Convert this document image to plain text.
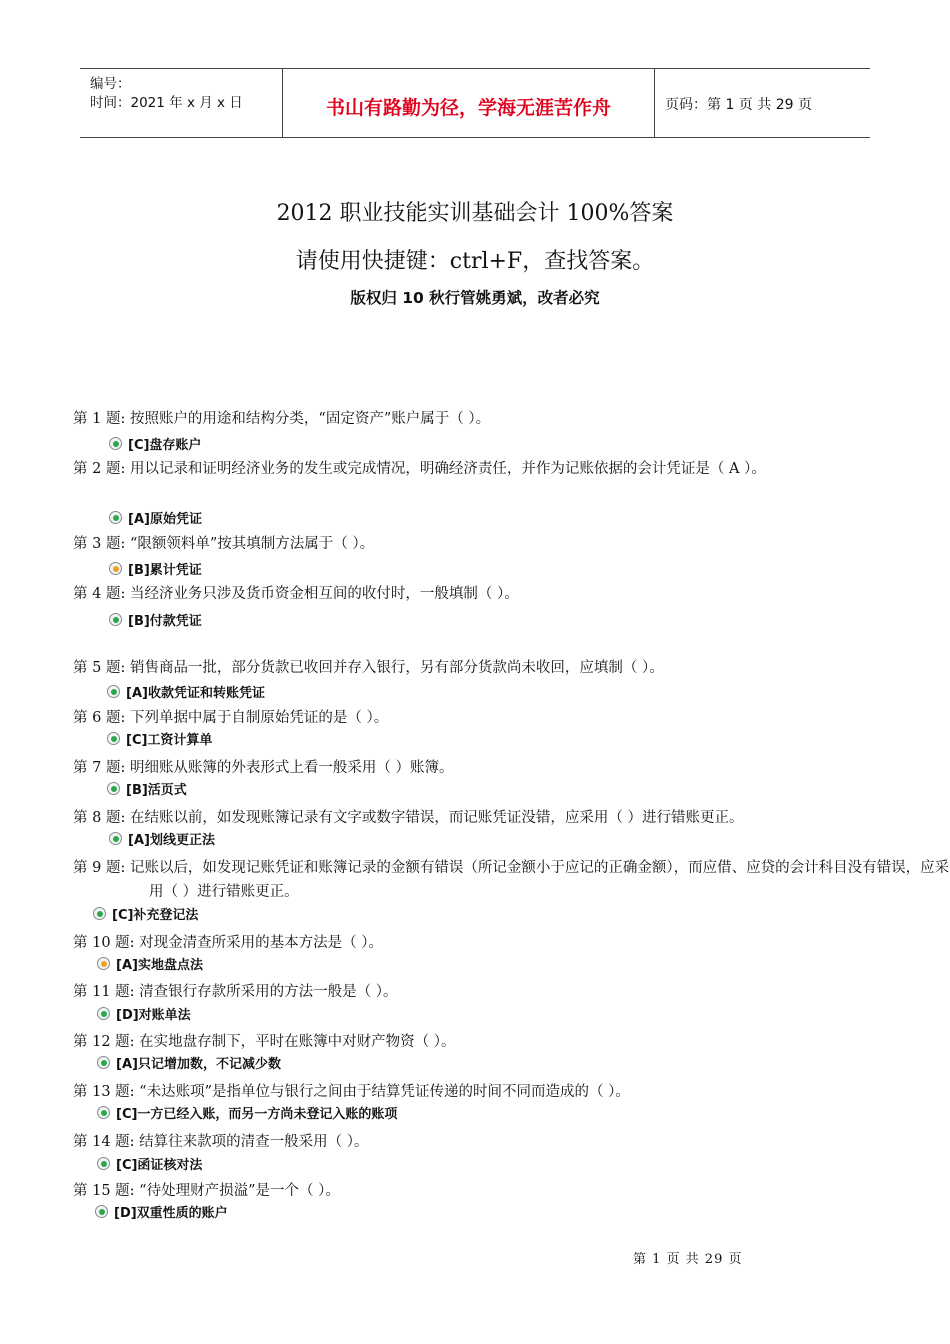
编号：
时间：2021 年 x 月 x 日	书山有路勤为径，学海无涯苦作舟	页码：第 1 页 共 29 页
2012 职业技能实训基础会计 100%答案
请使用快捷键：ctrl+F，查找答案。
版权归 10 秋行管姚勇斌，改者必究
第 1 题: 按照账户的用途和结构分类，“固定资产”账户属于（ ）。
[C]盘存账户
第 2 题: 用以记录和证明经济业务的发生或完成情况，明确经济责任，并作为记账依据的会计凭证是（ A ）。
[A]原始凭证
第 3 题: “限额领料单”按其填制方法属于（ ）。
[B]累计凭证
第 4 题: 当经济业务只涉及货币资金相互间的收付时，一般填制（ ）。
[B]付款凭证
第 5 题: 销售商品一批，部分货款已收回并存入银行，另有部分货款尚未收回，应填制（ ）。
[A]收款凭证和转账凭证
第 6 题: 下列单据中属于自制原始凭证的是（ ）。
[C]工资计算单
第 7 题: 明细账从账簿的外表形式上看一般采用（ ）账簿。
[B]活页式
第 8 题: 在结账以前，如发现账簿记录有文字或数字错误，而记账凭证没错，应采用（ ）进行错账更正。
[A]划线更正法
第 9 题: 记账以后，如发现记账凭证和账簿记录的金额有错误（所记金额小于应记的正确金额），而应借、应贷的会计科目没有错误，应采用（ ）进行错账更正。
[C]补充登记法
第 10 题: 对现金清查所采用的基本方法是（ ）。
[A]实地盘点法
第 11 题: 清查银行存款所采用的方法一般是（ ）。
[D]对账单法
第 12 题: 在实地盘存制下，平时在账簿中对财产物资（ ）。
[A]只记增加数，不记减少数
第 13 题: “未达账项”是指单位与银行之间由于结算凭证传递的时间不同而造成的（ ）。
[C]一方已经入账，而另一方尚未登记入账的账项
第 14 题: 结算往来款项的清查一般采用（ ）。
[C]函证核对法
第 15 题: “待处理财产损溢”是一个（ ）。
[D]双重性质的账户
第 1 页 共 29 页
